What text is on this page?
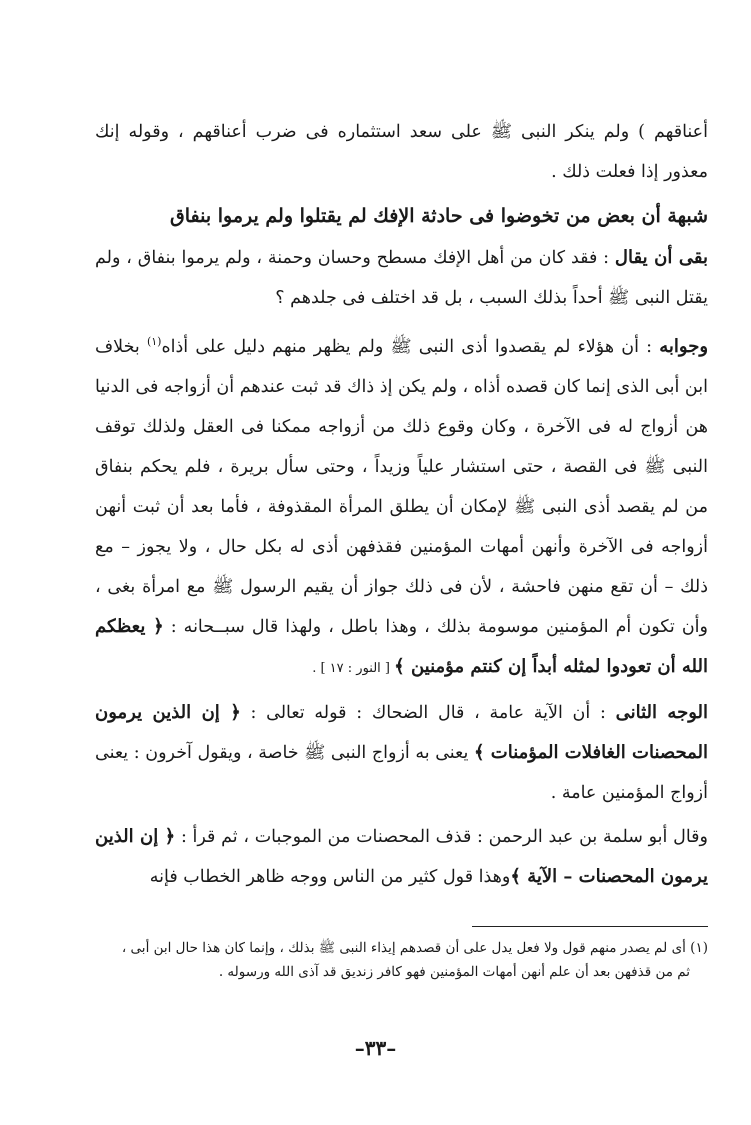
أعناقهم ) ولم ينكر النبى ﷺ على سعد استثماره فى ضرب أعناقهم ، وقوله إنك معذور إذا فعلت ذلك .

شبهة أن بعض من تخوضوا فى حادثة الإفك لم يقتلوا ولم يرموا بنفاق

بقى أن يقال : فقد كان من أهل الإفك مسطح وحسان وحمنة ، ولم يرموا بنفاق ، ولم يقتل النبى ﷺ أحداً بذلك السبب ، بل قد اختلف فى جلدهم ؟

وجوابه : أن هؤلاء لم يقصدوا أذى النبى ﷺ ولم يظهر منهم دليل على أذاه$^{(١)}$ بخلاف ابن أبى الذى إنما كان قصده أذاه ، ولم يكن إذ ذاك قد ثبت عندهم أن أزواجه فى الدنيا هن أزواج له فى الآخرة ، وكان وقوع ذلك من أزواجه ممكنا فى العقل ولذلك توقف النبى ﷺ فى القصة ، حتى استشار علياً وزيداً ، وحتى سأل بريرة ، فلم يحكم بنفاق من لم يقصد أذى النبى ﷺ لإمكان أن يطلق المرأة المقذوفة ، فأما بعد أن ثبت أنهن أزواجه فى الآخرة وأنهن أمهات المؤمنين فقذفهن أذى له بكل حال ، ولا يجوز – مع ذلك – أن تقع منهن فاحشة ، لأن فى ذلك جواز أن يقيم الرسول ﷺ مع امرأة بغى ، وأن تكون أم المؤمنين موسومة بذلك ، وهذا باطل ، ولهذا قال سبــحانه : ﴿ يعظكم الله أن تعودوا لمثله أبداً إن كنتم مؤمنين ﴾ [ النور : ١٧ ] .

الوجه الثانى : أن الآية عامة ، قال الضحاك : قوله تعالى : ﴿ إن الذين يرمون المحصنات الغافلات المؤمنات ﴾ يعنى به أزواج النبى ﷺ خاصة ، ويقول آخرون : يعنى أزواج المؤمنين عامة .

وقال أبو سلمة بن عبد الرحمن : قذف المحصنات من الموجبات ، ثم قرأ : ﴿ إن الذين يرمون المحصنات – الآية ﴾وهذا قول كثير من الناس ووجه ظاهر الخطاب فإنه

(١) أى لم يصدر منهم قول ولا فعل يدل على أن قصدهم إيذاء النبى ﷺ بذلك ، وإنما كان هذا حال ابن أبى ،
ثم من قذفهن بعد أن علم أنهن أمهات المؤمنين فهو كافر زنديق قد آذى الله ورسوله .

–٣٣–
